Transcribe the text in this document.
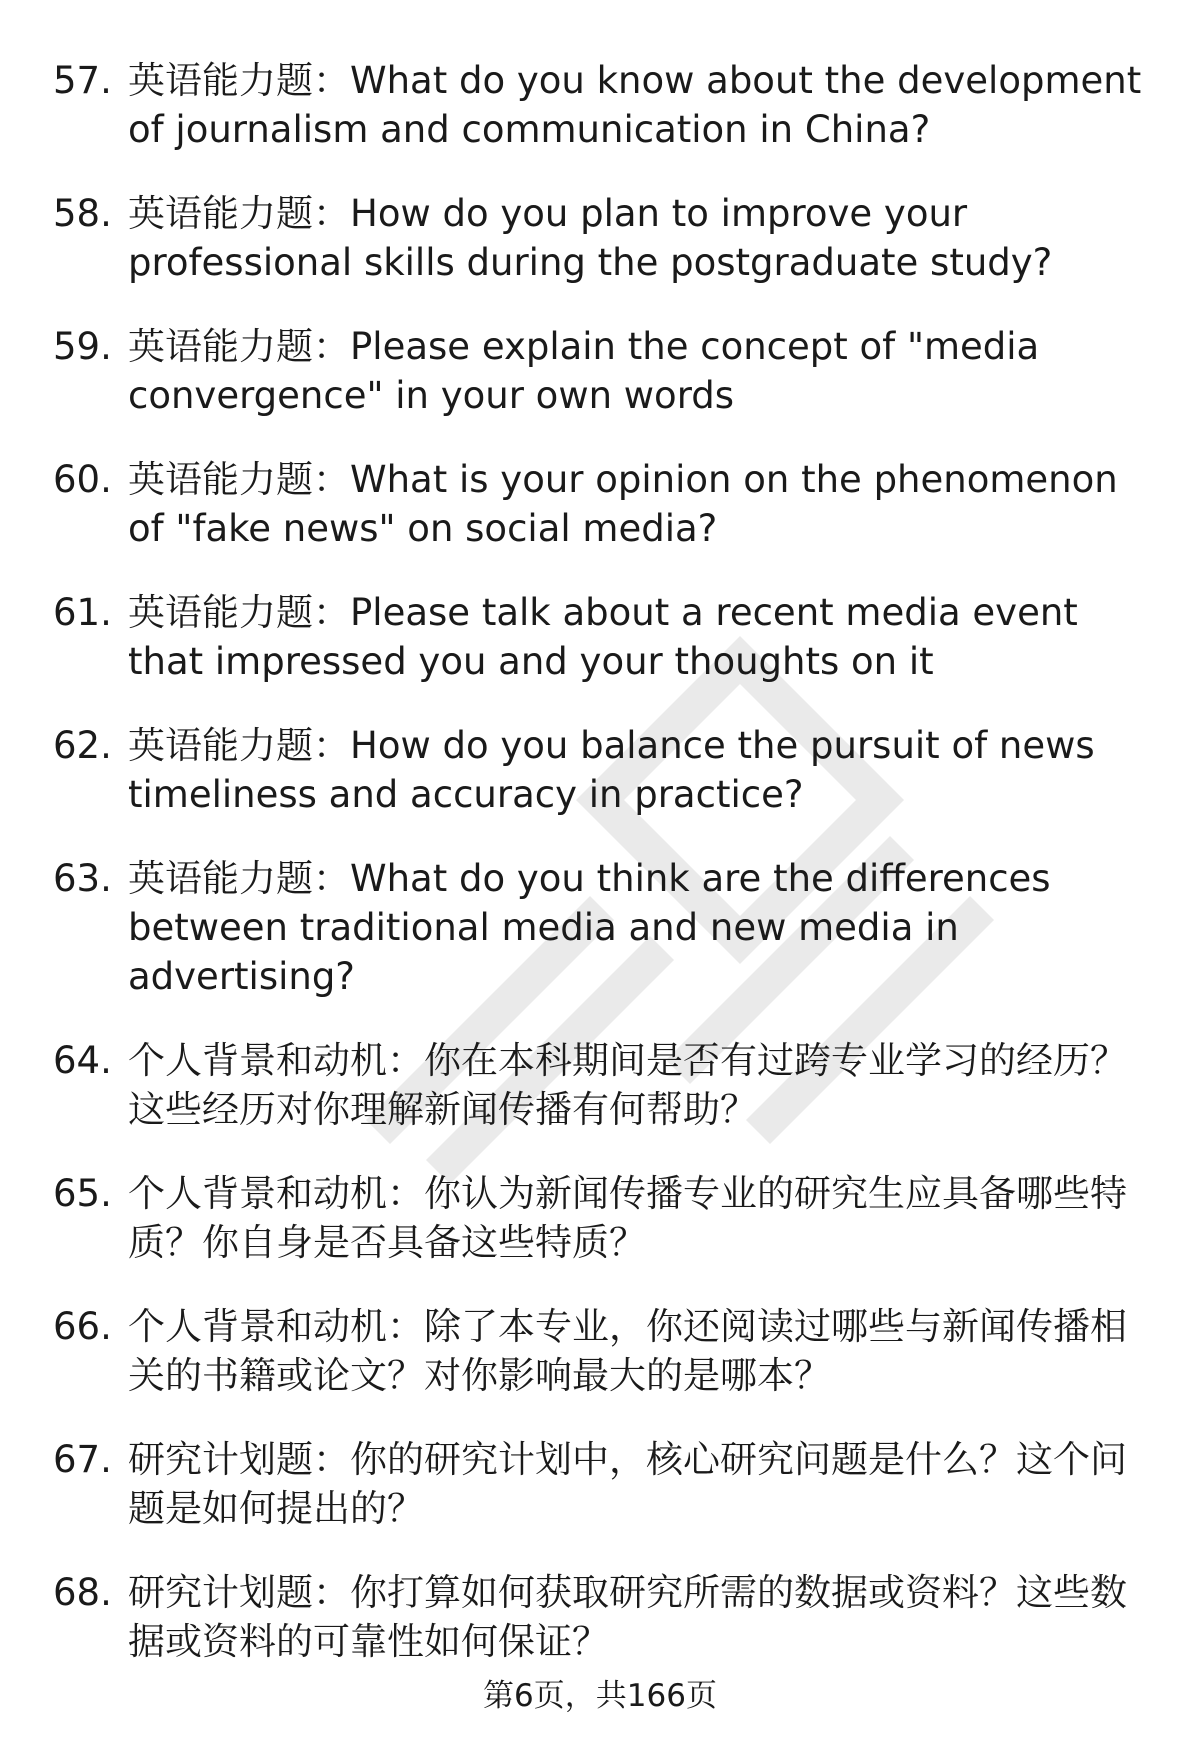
57. 英语能力题：What do you know about the development of journalism and communication in China?
58. 英语能力题：How do you plan to improve your professional skills during the postgraduate study?
59. 英语能力题：Please explain the concept of "media convergence" in your own words
60. 英语能力题：What is your opinion on the phenomenon of "fake news" on social media?
61. 英语能力题：Please talk about a recent media event that impressed you and your thoughts on it
62. 英语能力题：How do you balance the pursuit of news timeliness and accuracy in practice?
63. 英语能力题：What do you think are the differences between traditional media and new media in advertising?
64. 个人背景和动机：你在本科期间是否有过跨专业学习的经历？这些经历对你理解新闻传播有何帮助？
65. 个人背景和动机：你认为新闻传播专业的研究生应具备哪些特质？你自身是否具备这些特质？
66. 个人背景和动机：除了本专业，你还阅读过哪些与新闻传播相关的书籍或论文？对你影响最大的是哪本？
67. 研究计划题：你的研究计划中，核心研究问题是什么？这个问题是如何提出的？
68. 研究计划题：你打算如何获取研究所需的数据或资料？这些数据或资料的可靠性如何保证？
第6页，共166页
